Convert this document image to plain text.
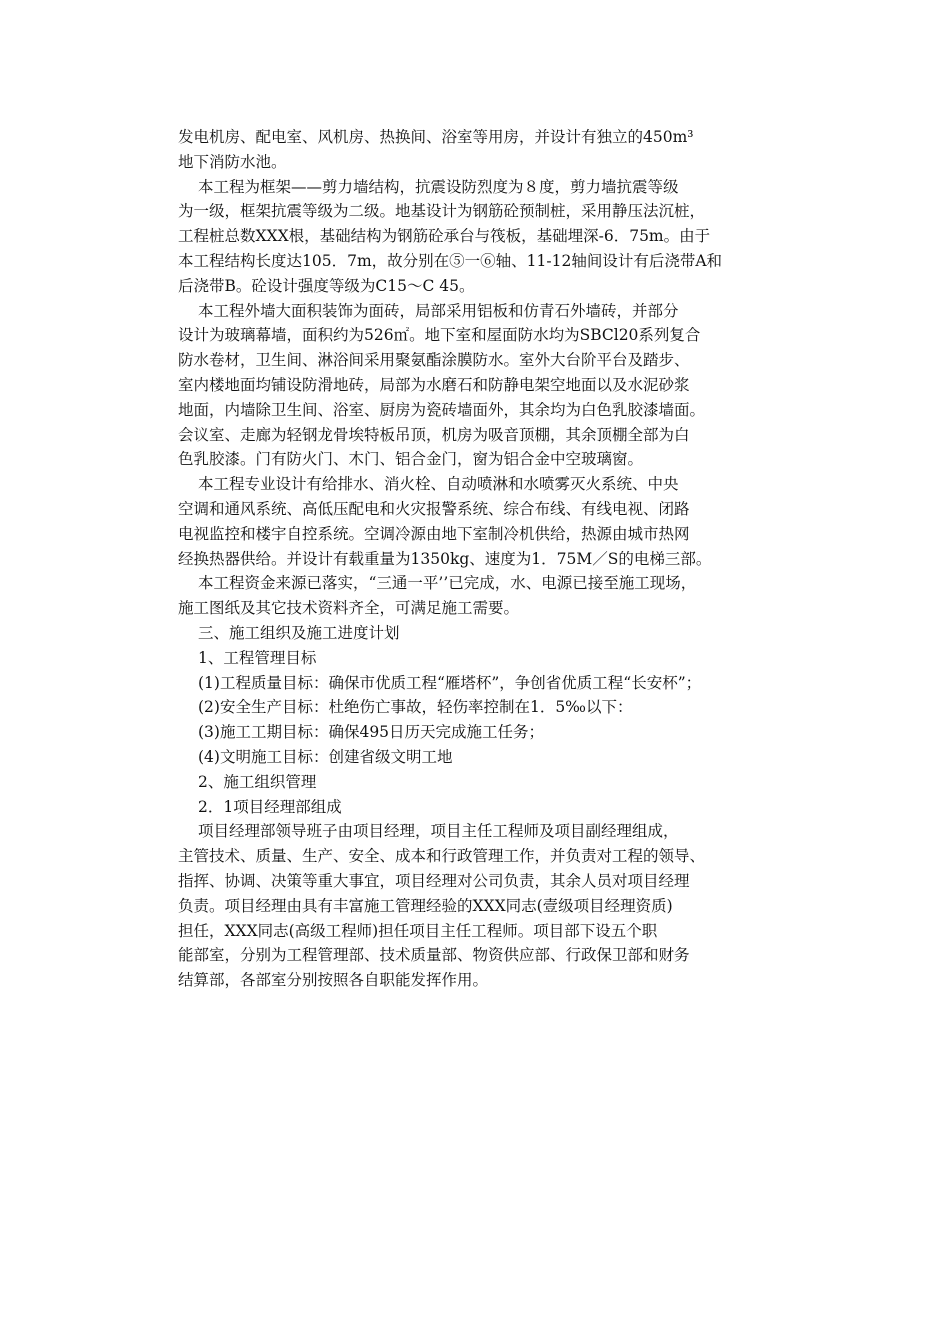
发电机房、配电室、风机房、热换间、浴室等用房，并设计有独立的450m³
地下消防水池。
本工程为框架——剪力墙结构，抗震设防烈度为８度，剪力墙抗震等级
为一级，框架抗震等级为二级。地基设计为钢筋砼预制桩，采用静压法沉桩，
工程桩总数XXX根，基础结构为钢筋砼承台与筏板，基础埋深-6．75m。由于
本工程结构长度达105．7m，故分别在⑤一⑥轴、11-12轴间设计有后浇带A和
后浇带B。砼设计强度等级为C15～C 45。
本工程外墙大面积装饰为面砖，局部采用铝板和仿青石外墙砖，并部分
设计为玻璃幕墙，面积约为526㎡。地下室和屋面防水均为SBCl20系列复合
防水卷材，卫生间、淋浴间采用聚氨酯涂膜防水。室外大台阶平台及踏步、
室内楼地面均铺设防滑地砖，局部为水磨石和防静电架空地面以及水泥砂浆
地面，内墙除卫生间、浴室、厨房为瓷砖墙面外，其余均为白色乳胶漆墙面。
会议室、走廊为轻钢龙骨埃特板吊顶，机房为吸音顶棚，其余顶棚全部为白
色乳胶漆。门有防火门、木门、铝合金门，窗为铝合金中空玻璃窗。
本工程专业设计有给排水、消火栓、自动喷淋和水喷雾灭火系统、中央
空调和通风系统、高低压配电和火灾报警系统、综合布线、有线电视、闭路
电视监控和楼宇自控系统。空调冷源由地下室制冷机供给，热源由城市热网
经换热器供给。并设计有载重量为1350kg、速度为1．75M／S的电梯三部。
本工程资金来源已落实，“三通一平’’已完成，水、电源已接至施工现场，
施工图纸及其它技术资料齐全，可满足施工需要。
三、施工组织及施工进度计划
1、工程管理目标
(1)工程质量目标：确保市优质工程“雁塔杯”，争创省优质工程“长安杯”；
(2)安全生产目标：杜绝伤亡事故，轻伤率控制在1．5‰以下：
(3)施工工期目标：确保495日历天完成施工任务；
(4)文明施工目标：创建省级文明工地
2、施工组织管理
2．1项目经理部组成
项目经理部领导班子由项目经理，项目主任工程师及项目副经理组成，
主管技术、质量、生产、安全、成本和行政管理工作，并负责对工程的领导、
指挥、协调、决策等重大事宜，项目经理对公司负责，其余人员对项目经理
负责。项目经理由具有丰富施工管理经验的XXX同志(壹级项目经理资质)
担任，XXX同志(高级工程师)担任项目主任工程师。项目部下设五个职
能部室，分别为工程管理部、技术质量部、物资供应部、行政保卫部和财务
结算部，各部室分别按照各自职能发挥作用。
